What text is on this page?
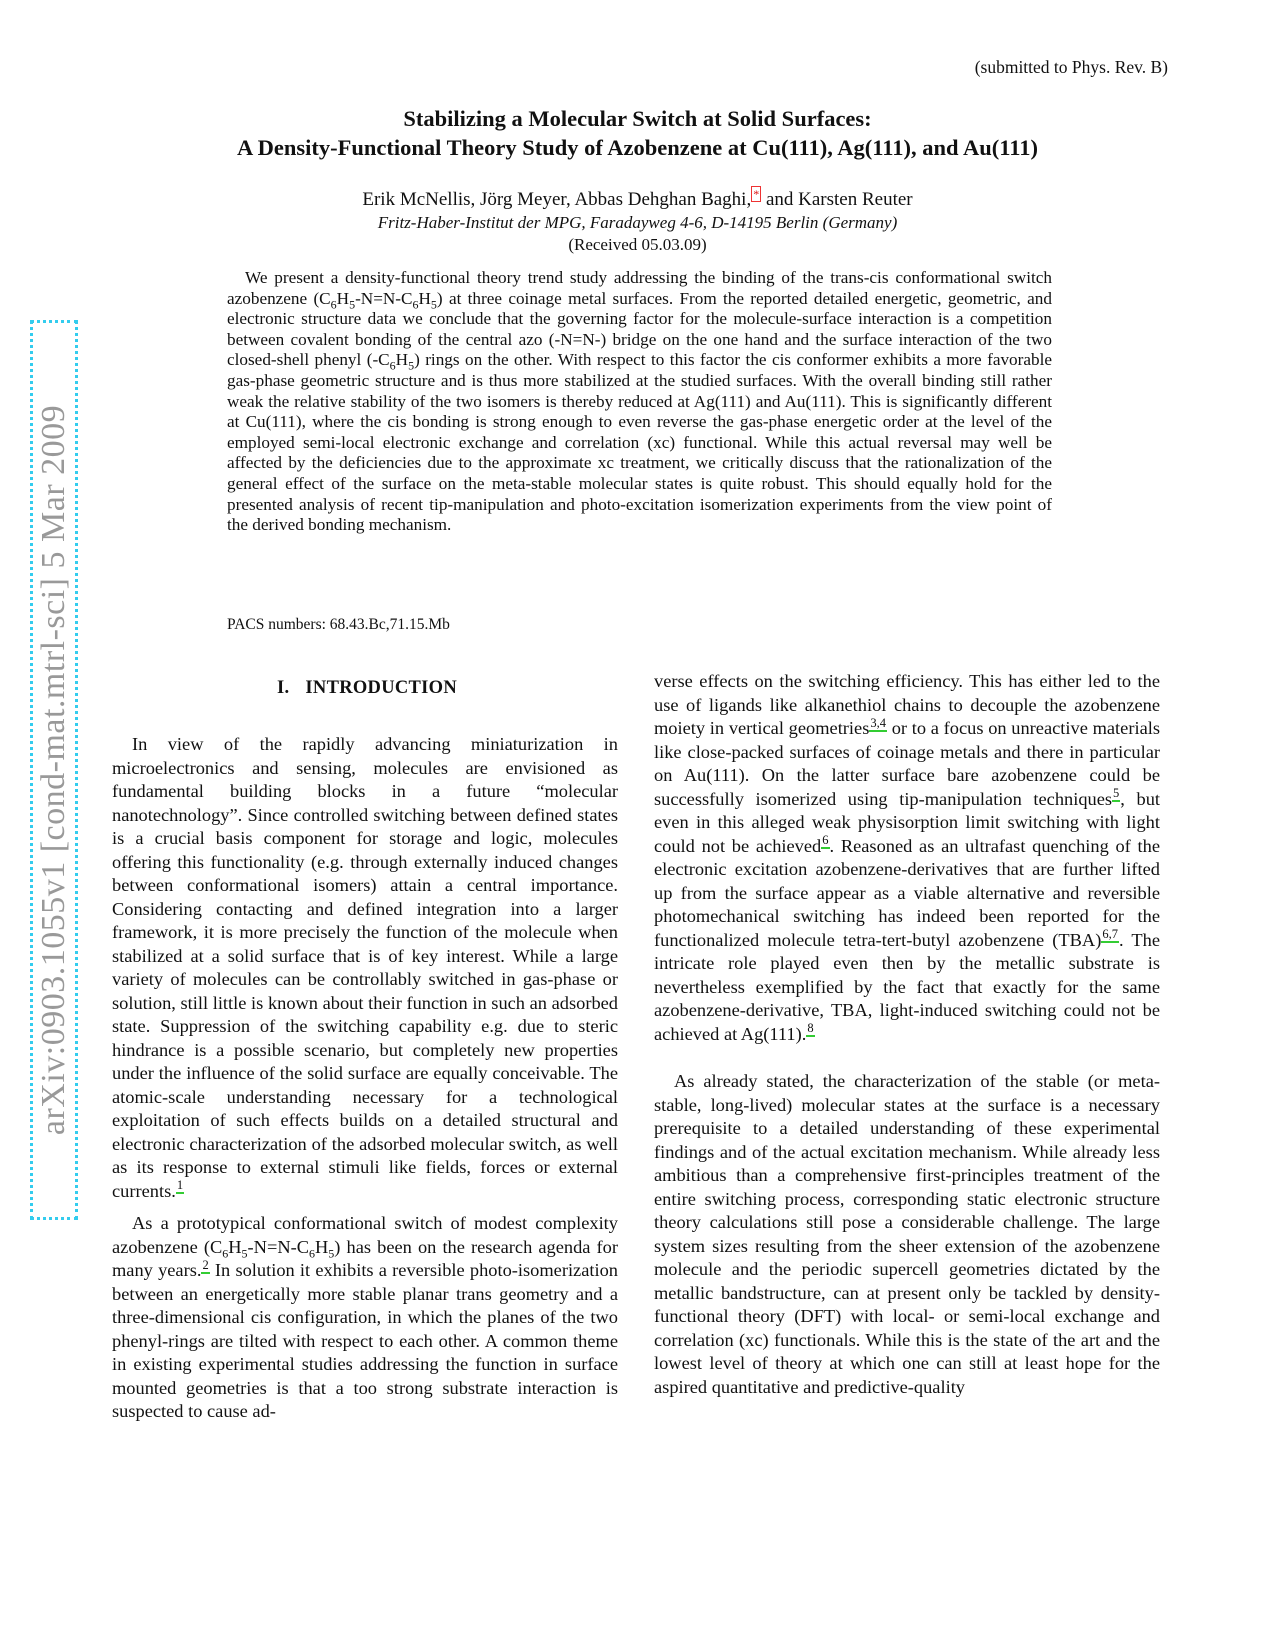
arXiv:0903.1055v1 [cond-mat.mtrl-sci] 5 Mar 2009
(submitted to Phys. Rev. B)
Stabilizing a Molecular Switch at Solid Surfaces:
A Density-Functional Theory Study of Azobenzene at Cu(111), Ag(111), and Au(111)
Erik McNellis, Jörg Meyer, Abbas Dehghan Baghi, * and Karsten Reuter
Fritz-Haber-Institut der MPG, Faradayweg 4-6, D-14195 Berlin (Germany)
(Received 05.03.09)

We present a density-functional theory trend study addressing the binding of the trans-cis conformational switch azobenzene $(C_6H_5-N=N-C_6H_5)$ at three coinage metal surfaces. From the reported detailed energetic, geometric, and electronic structure data we conclude that the governing factor for the molecule-surface interaction is a competition between covalent bonding of the central azo (-N=N-) bridge on the one hand and the surface interaction of the two closed-shell phenyl $(-C_6H_5)$ rings on the other. With respect to this factor the cis conformer exhibits a more favorable gas-phase geometric structure and is thus more stabilized at the studied surfaces. With the overall binding still rather weak the relative stability of the two isomers is thereby reduced at Ag(111) and Au(111). This is significantly different at Cu(111), where the cis bonding is strong enough to even reverse the gas-phase energetic order at the level of the employed semi-local electronic exchange and correlation (xc) functional. While this actual reversal may well be affected by the deficiencies due to the approximate xc treatment, we critically discuss that the rationalization of the general effect of the surface on the meta-stable molecular states is quite robust. This should equally hold for the presented analysis of recent tip-manipulation and photo-excitation isomerization experiments from the view point of the derived bonding mechanism.

PACS numbers: 68.43.Bc,71.15.Mb
I. INTRODUCTION

In view of the rapidly advancing miniaturization in microelectronics and sensing, molecules are envisioned as fundamental building blocks in a future “molecular nanotechnology”. Since controlled switching between defined states is a crucial basis component for storage and logic, molecules offering this functionality (e.g. through externally induced changes between conformational isomers) attain a central importance. Considering contacting and defined integration into a larger framework, it is more precisely the function of the molecule when stabilized at a solid surface that is of key interest. While a large variety of molecules can be controllably switched in gas-phase or solution, still little is known about their function in such an adsorbed state. Suppression of the switching capability e.g. due to steric hindrance is a possible scenario, but completely new properties under the influence of the solid surface are equally conceivable. The atomic-scale understanding necessary for a technological exploitation of such effects builds on a detailed structural and electronic characterization of the adsorbed molecular switch, as well as its response to external stimuli like fields, forces or external currents.$^1$

As a prototypical conformational switch of modest complexity azobenzene $(C_6H_5-N=N-C_6H_5)$ has been on the research agenda for many years.$^2$ In solution it exhibits a reversible photo-isomerization between an energetically more stable planar trans geometry and a three-dimensional cis configuration, in which the planes of the two phenyl-rings are tilted with respect to each other. A common theme in existing experimental studies addressing the function in surface mounted geometries is that a too strong substrate interaction is suspected to cause ad-

verse effects on the switching efficiency. This has either led to the use of ligands like alkanethiol chains to decouple the azobenzene moiety in vertical geometries$^{3,4}$ or to a focus on unreactive materials like close-packed surfaces of coinage metals and there in particular on Au(111). On the latter surface bare azobenzene could be successfully isomerized using tip-manipulation techniques$^5$, but even in this alleged weak physisorption limit switching with light could not be achieved$^6$. Reasoned as an ultrafast quenching of the electronic excitation azobenzene-derivatives that are further lifted up from the surface appear as a viable alternative and reversible photomechanical switching has indeed been reported for the functionalized molecule tetra-tert-butyl azobenzene (TBA)$^{6,7}$. The intricate role played even then by the metallic substrate is nevertheless exemplified by the fact that exactly for the same azobenzene-derivative, TBA, light-induced switching could not be achieved at Ag(111).$^8$

As already stated, the characterization of the stable (or meta-stable, long-lived) molecular states at the surface is a necessary prerequisite to a detailed understanding of these experimental findings and of the actual excitation mechanism. While already less ambitious than a comprehensive first-principles treatment of the entire switching process, corresponding static electronic structure theory calculations still pose a considerable challenge. The large system sizes resulting from the sheer extension of the azobenzene molecule and the periodic supercell geometries dictated by the metallic bandstructure, can at present only be tackled by density-functional theory (DFT) with local- or semi-local exchange and correlation (xc) functionals. While this is the state of the art and the lowest level of theory at which one can still at least hope for the aspired quantitative and predictive-quality
